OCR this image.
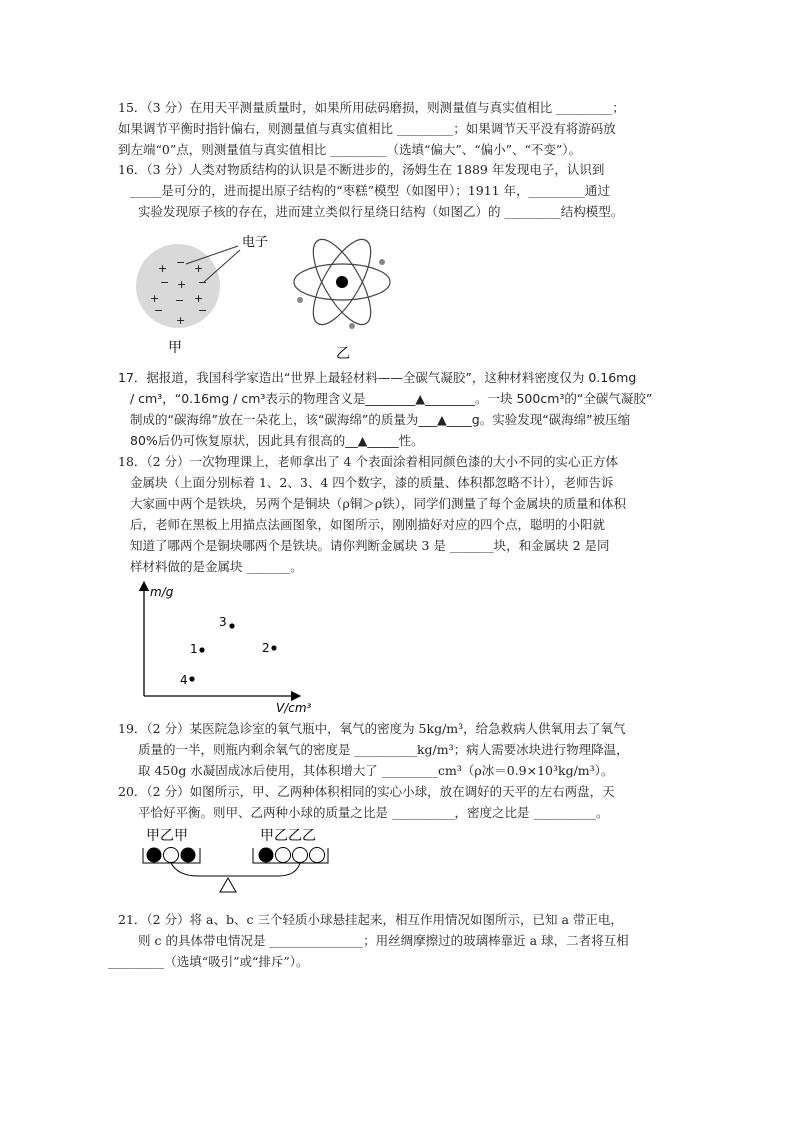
15．（3 分）在用天平测量质量时，如果所用砝码磨损，则测量值与真实值相比 _________；
如果调节平衡时指针偏右，则测量值与真实值相比 _________；如果调节天平没有将游码放
到左端“0”点，则测量值与真实值相比 _________（选填“偏大”、“偏小”、“不变”）。
16．（3 分）人类对物质结构的认识是不断进步的，汤姆生在 1889 年发现电子，认识到
_____是可分的，进而提出原子结构的“枣糕”模型（如图甲）；1911 年，_________通过
实验发现原子核的存在，进而建立类似行星绕日结构（如图乙）的 _________结构模型。
+ − +
− + −
+ − +
−	−
+
电子
甲	乙
17．据报道，我国科学家造出“世界上最轻材料——全碳气凝胶”，这种材料密度仅为 0.16mg
/ cm³，“0.16mg / cm³表示的物理含义是________▲________。一块 500cm³的“全碳气凝胶”
制成的“碳海绵”放在一朵花上，该“碳海绵”的质量为___▲____g。实验发现“碳海绵”被压缩
80%后仍可恢复原状，因此具有很高的__▲_____性。
18．（2 分）一次物理课上，老师拿出了 4 个表面涂着相同颜色漆的大小不同的实心正方体
金属块（上面分别标着 1、2、3、4 四个数字，漆的质量、体积都忽略不计），老师告诉
大家画中两个是铁块，另两个是铜块（ρ铜＞ρ铁），同学们测量了每个金属块的质量和体积
后，老师在黑板上用描点法画图象，如图所示，刚刚描好对应的四个点，聪明的小阳就
知道了哪两个是铜块哪两个是铁块。请你判断金属块 3 是 _______块，和金属块 2 是同
样材料做的是金属块 _______。
m/g
V/cm³
3
1	2
4
19．（2 分）某医院急诊室的氧气瓶中，氧气的密度为 5kg/m³，给急救病人供氧用去了氧气
质量的一半，则瓶内剩余氧气的密度是 __________kg/m³；病人需要冰块进行物理降温，
取 450g 水凝固成冰后使用，其体积增大了 _________cm³（ρ冰＝0.9×10³kg/m³）。
20．（2 分）如图所示，甲、乙两种体积相同的实心小球，放在调好的天平的左右两盘，天
平恰好平衡。则甲、乙两种小球的质量之比是 __________，密度之比是 __________。
甲乙甲	甲乙乙乙
21．（2 分）将 a、b、c 三个轻质小球悬挂起来，相互作用情况如图所示，已知 a 带正电，
则 c 的具体带电情况是 _______________；用丝绸摩擦过的玻璃棒靠近 a 球，二者将互相
_________（选填“吸引”或“排斥”）。
